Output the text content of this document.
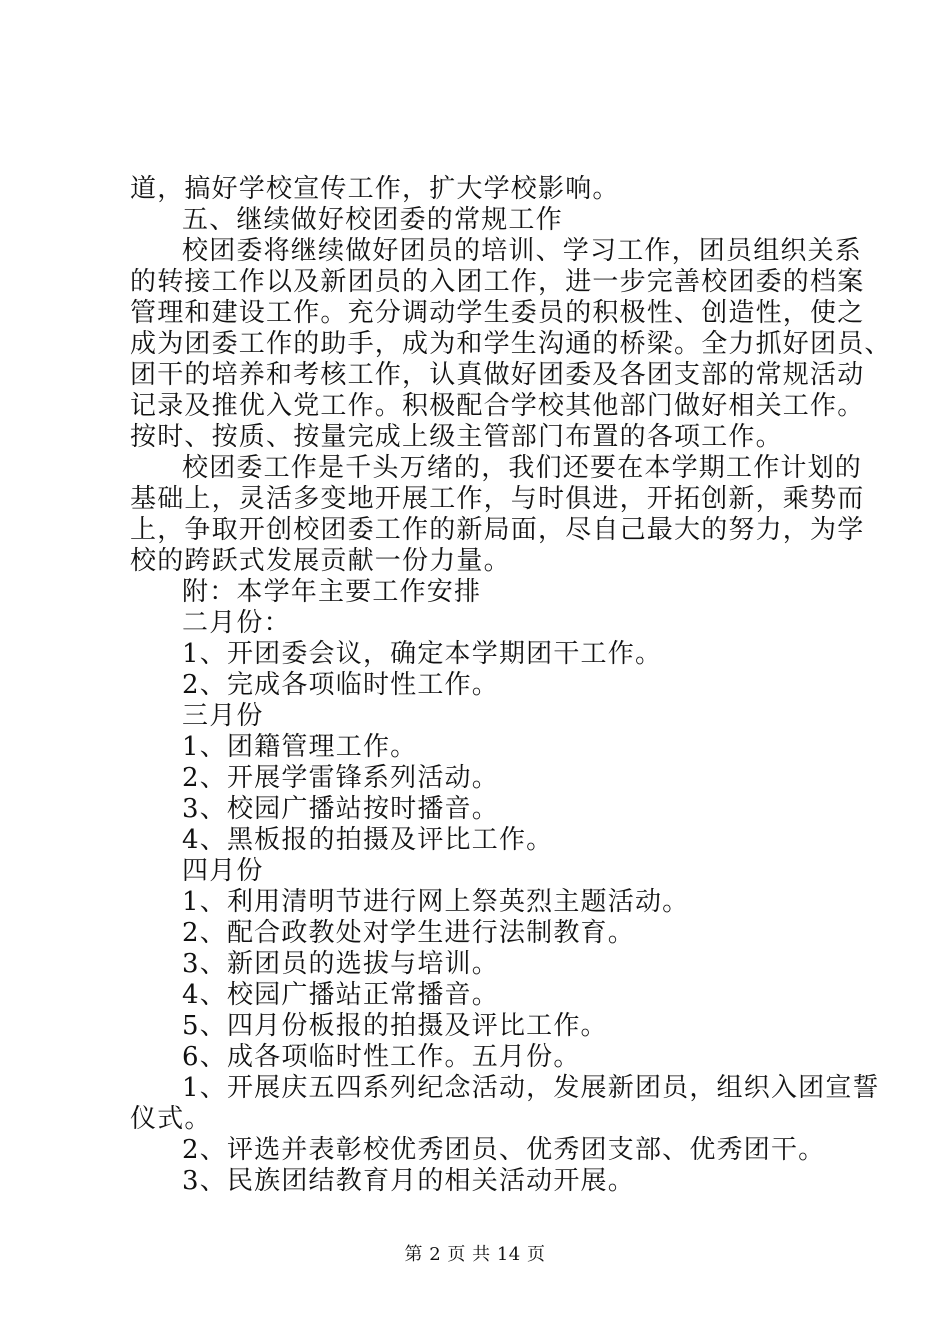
道，搞好学校宣传工作，扩大学校影响。
五、继续做好校团委的常规工作
校团委将继续做好团员的培训、学习工作，团员组织关系
的转接工作以及新团员的入团工作，进一步完善校团委的档案
管理和建设工作。充分调动学生委员的积极性、创造性，使之
成为团委工作的助手，成为和学生沟通的桥梁。全力抓好团员、
团干的培养和考核工作，认真做好团委及各团支部的常规活动
记录及推优入党工作。积极配合学校其他部门做好相关工作。
按时、按质、按量完成上级主管部门布置的各项工作。
校团委工作是千头万绪的，我们还要在本学期工作计划的
基础上，灵活多变地开展工作，与时俱进，开拓创新，乘势而
上，争取开创校团委工作的新局面，尽自己最大的努力，为学
校的跨跃式发展贡献一份力量。
附：本学年主要工作安排
二月份：
1、开团委会议，确定本学期团干工作。
2、完成各项临时性工作。
三月份
1、团籍管理工作。
2、开展学雷锋系列活动。
3、校园广播站按时播音。
4、黑板报的拍摄及评比工作。
四月份
1、利用清明节进行网上祭英烈主题活动。
2、配合政教处对学生进行法制教育。
3、新团员的选拔与培训。
4、校园广播站正常播音。
5、四月份板报的拍摄及评比工作。
6、成各项临时性工作。五月份。
1、开展庆五四系列纪念活动，发展新团员，组织入团宣誓
仪式。
2、评选并表彰校优秀团员、优秀团支部、优秀团干。
3、民族团结教育月的相关活动开展。
第 2 页 共 14 页
